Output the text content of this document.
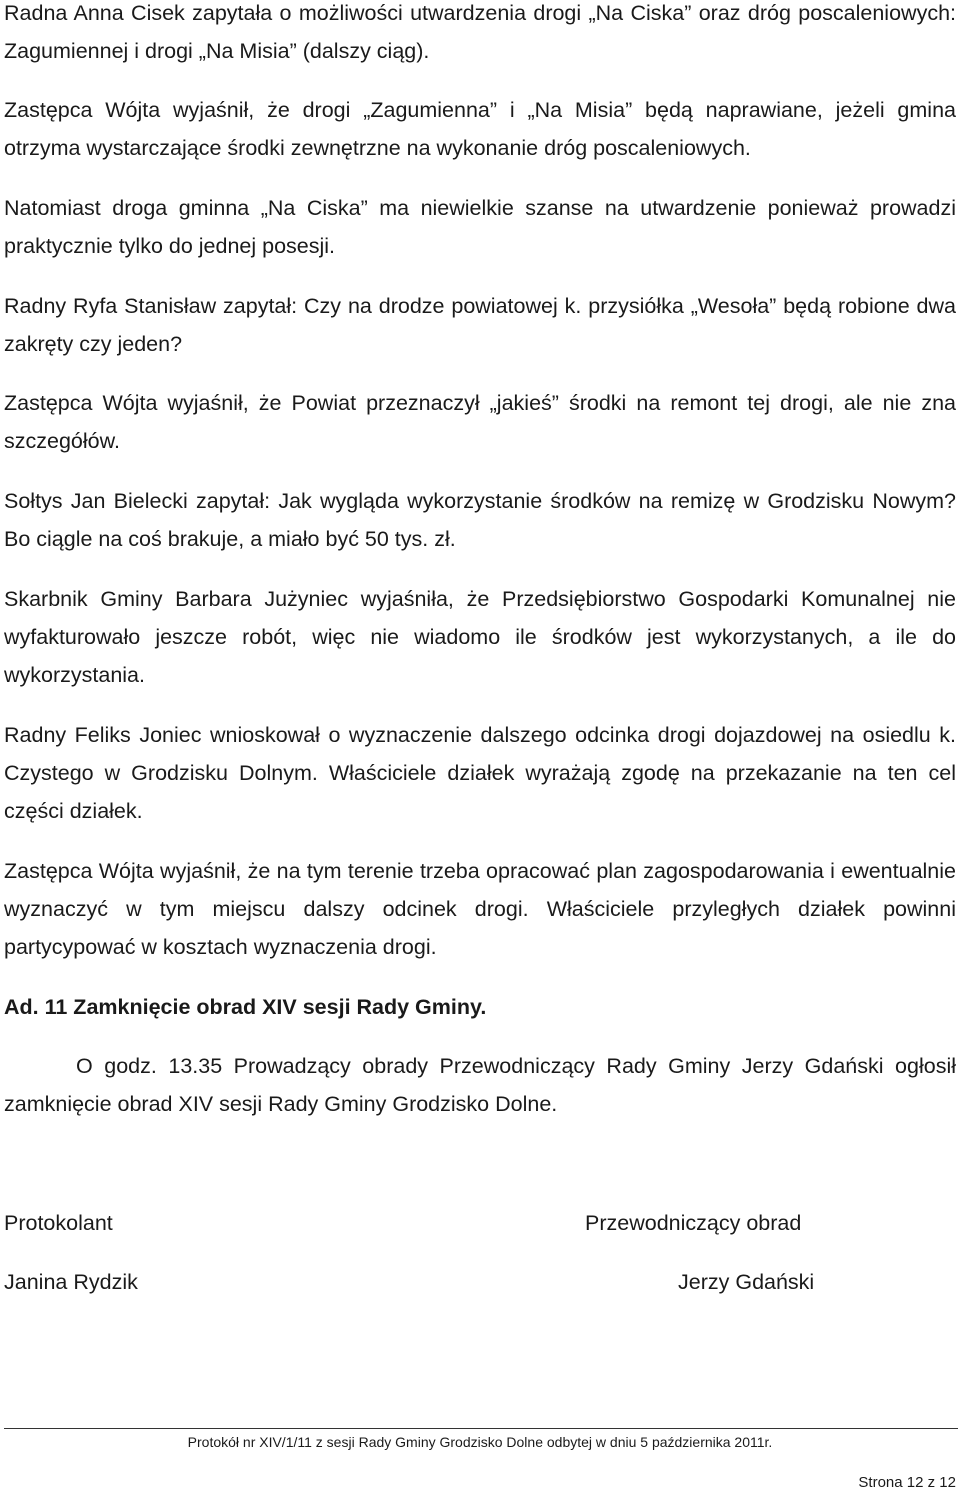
Radna Anna Cisek zapytała o możliwości utwardzenia drogi „Na Ciska” oraz dróg poscaleniowych: Zagumiennej i drogi „Na Misia” (dalszy ciąg).

Zastępca Wójta wyjaśnił, że drogi „Zagumienna” i „Na Misia” będą naprawiane, jeżeli gmina otrzyma wystarczające środki zewnętrzne na wykonanie dróg poscaleniowych.

Natomiast droga gminna „Na Ciska” ma niewielkie szanse na utwardzenie ponieważ prowadzi praktycznie tylko do jednej posesji.

Radny Ryfa Stanisław zapytał: Czy na drodze powiatowej k. przysiółka „Wesoła” będą robione dwa zakręty czy jeden?

Zastępca Wójta wyjaśnił, że Powiat przeznaczył „jakieś” środki na remont tej drogi, ale nie zna szczegółów.

Sołtys Jan Bielecki zapytał: Jak wygląda wykorzystanie środków na remizę w Grodzisku Nowym? Bo ciągle na coś brakuje, a miało być 50 tys. zł.

Skarbnik Gminy Barbara Jużyniec wyjaśniła, że Przedsiębiorstwo Gospodarki Komunalnej nie wyfakturowało jeszcze robót, więc nie wiadomo ile środków jest wykorzystanych, a ile do wykorzystania.

Radny Feliks Joniec wnioskował o wyznaczenie dalszego odcinka drogi dojazdowej na osiedlu k. Czystego w Grodzisku Dolnym. Właściciele działek wyrażają zgodę na przekazanie na ten cel części działek.

Zastępca Wójta wyjaśnił, że na tym terenie trzeba opracować plan zagospodarowania i ewentualnie wyznaczyć w tym miejscu dalszy odcinek drogi. Właściciele przyległych działek powinni partycypować w kosztach wyznaczenia drogi.

Ad. 11 Zamknięcie obrad XIV sesji Rady Gminy.

O godz. 13.35 Prowadzący obrady Przewodniczący Rady Gminy Jerzy Gdański ogłosił zamknięcie obrad XIV sesji Rady Gminy Grodzisko Dolne.

Protokolant

Janina Rydzik

Przewodniczący obrad

Jerzy Gdański

Protokół nr XIV/1/11 z sesji Rady Gminy Grodzisko Dolne odbytej w dniu 5 października 2011r.
Strona 12 z 12
